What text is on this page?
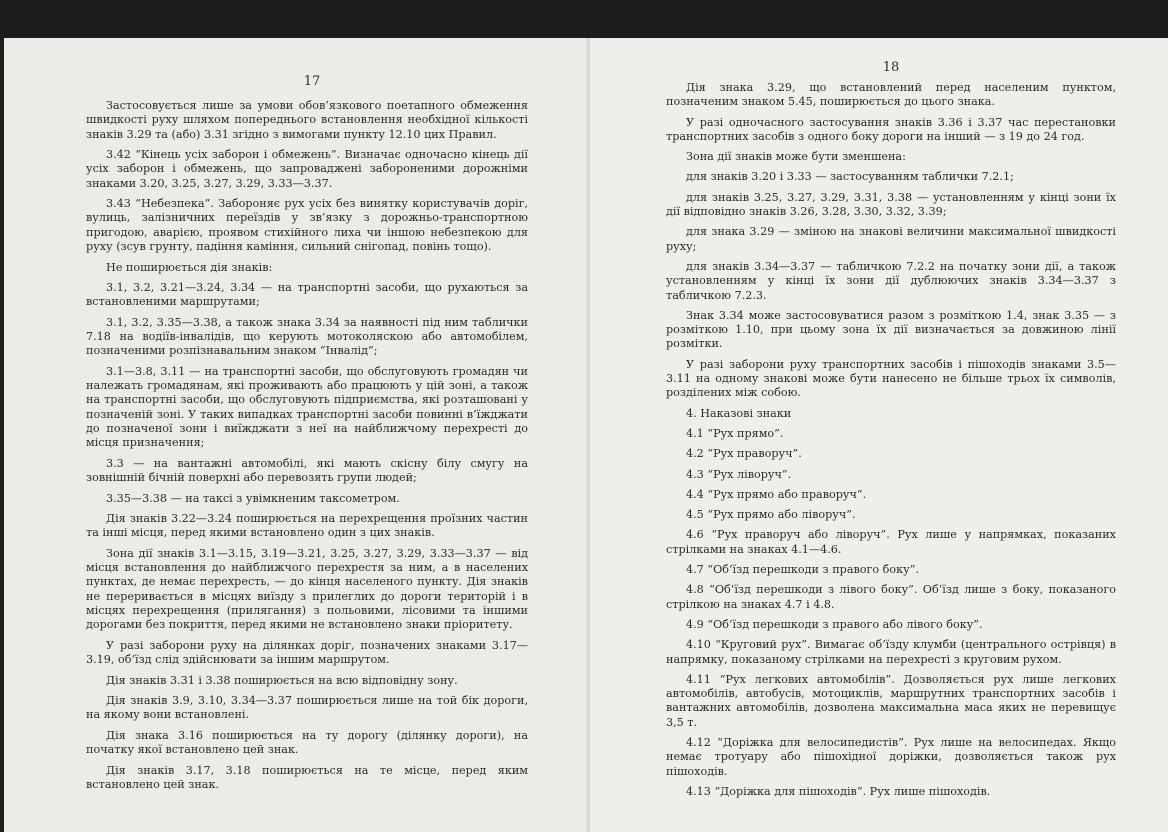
17

Застосовується лише за умови обов’язкового поетапного обмеження швидкості руху шляхом попереднього встановлення необхідної кількості знаків 3.29 та (або) 3.31 згідно з вимогами пункту 12.10 цих Правил.

3.42 “Кінець усіх заборон і обмежень”. Визначає одночасно кінець дії усіх заборон і обмежень, що запроваджені забороненими дорожніми знаками 3.20, 3.25, 3.27, 3.29, 3.33—3.37.

3.43 “Небезпека”. Забороняє рух усіх без винятку користувачів доріг, вулиць, залізничних переїздів у зв’язку з дорожньо-транспортною пригодою, аварією, проявом стихійного лиха чи іншою небезпекою для руху (зсув грунту, падіння каміння, сильний снігопад, повінь тощо).

Не поширюється дія знаків:

3.1, 3.2, 3.21—3.24, 3.34 — на транспортні засоби, що рухаються за встановленими маршрутами;

3.1, 3.2, 3.35—3.38, а також знака 3.34 за наявності під ним таблички 7.18 на водіїв-інвалідів, що керують мотоколяскою або автомобілем, позначеними розпізнавальним знаком “Інвалід”;

3.1—3.8, 3.11 — на транспортні засоби, що обслуговують громадян чи належать громадянам, які проживають або працюють у цій зоні, а також на транспортні засоби, що обслуговують підприємства, які розташовані у позначеній зоні. У таких випадках транспортні засоби повинні в’їжджати до позначеної зони і виїжджати з неї на найближчому перехресті до місця призначення;

3.3 — на вантажні автомобілі, які мають скісну білу смугу на зовнішній бічній поверхні або перевозять групи людей;

3.35—3.38 — на таксі з увімкненим таксометром.

Дія знаків 3.22—3.24 поширюється на перехрещення проїзних частин та інші місця, перед якими встановлено один з цих знаків.

Зона дії знаків 3.1—3.15, 3.19—3.21, 3.25, 3.27, 3.29, 3.33—3.37 — від місця встановлення до найближчого перехрестя за ним, а в населених пунктах, де немає перехресть, — до кінця населеного пункту. Дія знаків не переривається в місцях виїзду з прилеглих до дороги територій і в місцях перехрещення (прилягання) з польовими, лісовими та іншими дорогами без покриття, перед якими не встановлено знаки пріоритету.

У разі заборони руху на ділянках доріг, позначених знаками 3.17—3.19, об’їзд слід здійснювати за іншим маршрутом.

Дія знаків 3.31 і 3.38 поширюється на всю відповідну зону.

Дія знаків 3.9, 3.10, 3.34—3.37 поширюється лише на той бік дороги, на якому вони встановлені.

Дія знака 3.16 поширюється на ту дорогу (ділянку дороги), на початку якої встановлено цей знак.

Дія знаків 3.17, 3.18 поширюється на те місце, перед яким встановлено цей знак.

18

Дія знака 3.29, що встановлений перед населеним пунктом, позначеним знаком 5.45, поширюється до цього знака.

У разі одночасного застосування знаків 3.36 і 3.37 час перестановки транспортних засобів з одного боку дороги на інший — з 19 до 24 год.

Зона дії знаків може бути зменшена:

для знаків 3.20 і 3.33 — застосуванням таблички 7.2.1;

для знаків 3.25, 3.27, 3.29, 3.31, 3.38 — установленням у кінці зони їх дії відповідно знаків 3.26, 3.28, 3.30, 3.32, 3.39;

для знака 3.29 — зміною на знакові величини максимальної швидкості руху;

для знаків 3.34—3.37 — табличкою 7.2.2 на початку зони дії, а також установленням у кінці їх зони дії дублюючих знаків 3.34—3.37 з табличкою 7.2.3.

Знак 3.34 може застосовуватися разом з розміткою 1.4, знак 3.35 — з розміткою 1.10, при цьому зона їх дії визначається за довжиною лінії розмітки.

У разі заборони руху транспортних засобів і пішоходів знаками 3.5—3.11 на одному знакові може бути нанесено не більше трьох їх символів, розділених між собою.

4. Наказові знаки

4.1 “Рух прямо”.

4.2 “Рух праворуч”.

4.3 “Рух ліворуч”.

4.4 “Рух прямо або праворуч”.

4.5 “Рух прямо або ліворуч”.

4.6 “Рух праворуч або ліворуч”. Рух лише у напрямках, показаних стрілками на знаках 4.1—4.6.

4.7 “Об’їзд перешкоди з правого боку”.

4.8 “Об’їзд перешкоди з лівого боку”. Об’їзд лише з боку, показаного стрілкою на знаках 4.7 і 4.8.

4.9 “Об’їзд перешкоди з правого або лівого боку”.

4.10 “Круговий рух”. Вимагає об’їзду клумби (центрального острівця) в напрямку, показаному стрілками на перехресті з круговим рухом.

4.11 “Рух легкових автомобілів”. Дозволяється рух лише легкових автомобілів, автобусів, мотоциклів, маршрутних транспортних засобів і вантажних автомобілів, дозволена максимальна маса яких не перевищує 3,5 т.

4.12 “Доріжка для велосипедистів”. Рух лише на велосипедах. Якщо немає тротуару або пішохідної доріжки, дозволяється також рух пішоходів.

4.13 “Доріжка для пішоходів”. Рух лише пішоходів.
